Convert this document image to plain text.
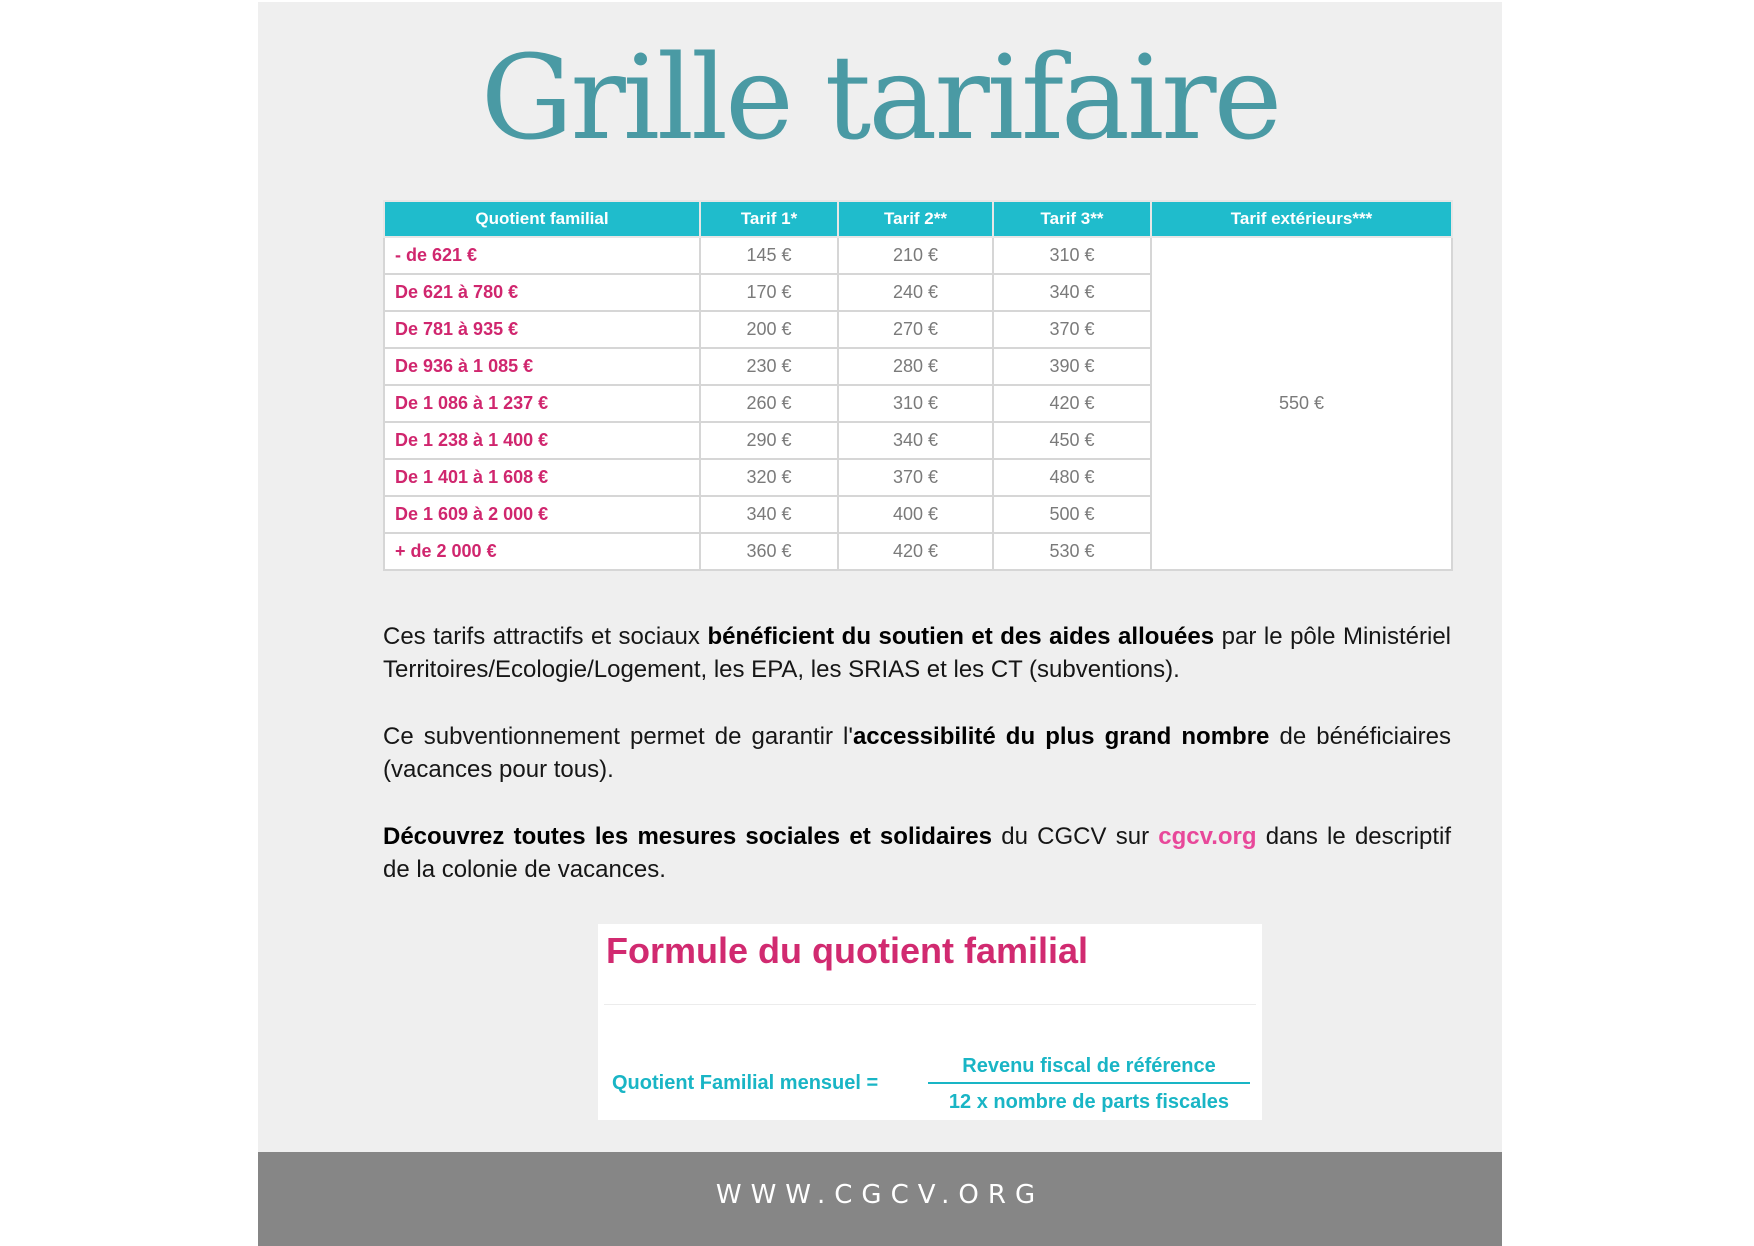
Grille tarifaire
Quotient familial	Tarif 1*	Tarif 2**	Tarif 3**	Tarif extérieurs***
- de 621 €	145 €	210 €	310 €	550 €
De 621 à 780 €	170 €	240 €	340 €	
De 781 à 935 €	200 €	270 €	370 €	
De 936 à 1 085 €	230 €	280 €	390 €	
De 1 086 à 1 237 €	260 €	310 €	420 €	
De 1 238 à 1 400 €	290 €	340 €	450 €	
De 1 401 à 1 608 €	320 €	370 €	480 €	
De 1 609 à 2 000 €	340 €	400 €	500 €	
+ de 2 000 €	360 €	420 €	530 €	

Ces tarifs attractifs et sociaux bénéficient du soutien et des aides allouées par le pôle Ministériel Territoires/Ecologie/Logement, les EPA, les SRIAS et les CT (subventions).

Ce subventionnement permet de garantir l'accessibilité du plus grand nombre de bénéficiaires (vacances pour tous).

Découvrez toutes les mesures sociales et solidaires du CGCV sur cgcv.org dans le descriptif de la colonie de vacances.

Formule du quotient familial
Quotient Familial mensuel =
Revenu fiscal de référence
12 x nombre de parts fiscales
WWW.CGCV.ORG
